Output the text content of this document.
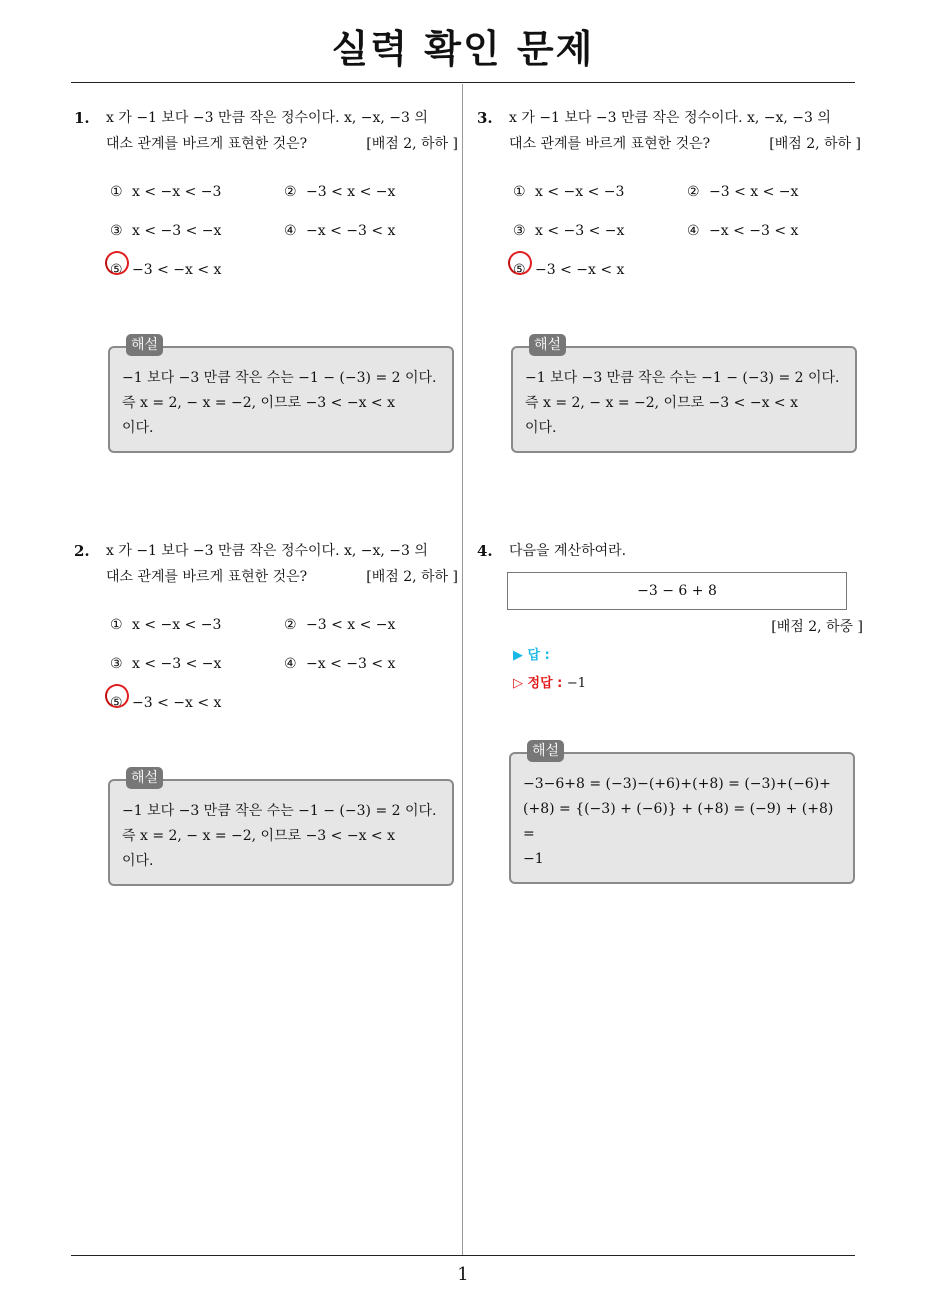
실력 확인 문제
1. x 가 −1 보다 −3 만큼 작은 정수이다. x, −x, −3 의
대소 관계를 바르게 표현한 것은?	[배점 2, 하하 ]
① x < −x < −3	② −3 < x < −x
③ x < −3 < −x	④ −x < −3 < x
⑤ −3 < −x < x
해설
−1 보다 −3 만큼 작은 수는 −1 − (−3) = 2 이다.
즉 x = 2, − x = −2, 이므로 −3 < −x < x
이다.
2. x 가 −1 보다 −3 만큼 작은 정수이다. x, −x, −3 의
대소 관계를 바르게 표현한 것은?	[배점 2, 하하 ]
① x < −x < −3	② −3 < x < −x
③ x < −3 < −x	④ −x < −3 < x
⑤ −3 < −x < x
해설
−1 보다 −3 만큼 작은 수는 −1 − (−3) = 2 이다.
즉 x = 2, − x = −2, 이므로 −3 < −x < x
이다.
3. x 가 −1 보다 −3 만큼 작은 정수이다. x, −x, −3 의
대소 관계를 바르게 표현한 것은?	[배점 2, 하하 ]
① x < −x < −3	② −3 < x < −x
③ x < −3 < −x	④ −x < −3 < x
⑤ −3 < −x < x
해설
−1 보다 −3 만큼 작은 수는 −1 − (−3) = 2 이다.
즉 x = 2, − x = −2, 이므로 −3 < −x < x
이다.
4. 다음을 계산하여라.
−3 − 6 + 8
[배점 2, 하중 ]
▶ 답 :
▷ 정답 : −1
해설
−3−6+8 = (−3)−(+6)+(+8) = (−3)+(−6)+
(+8) = {(−3) + (−6)} + (+8) = (−9) + (+8) =
−1
1
